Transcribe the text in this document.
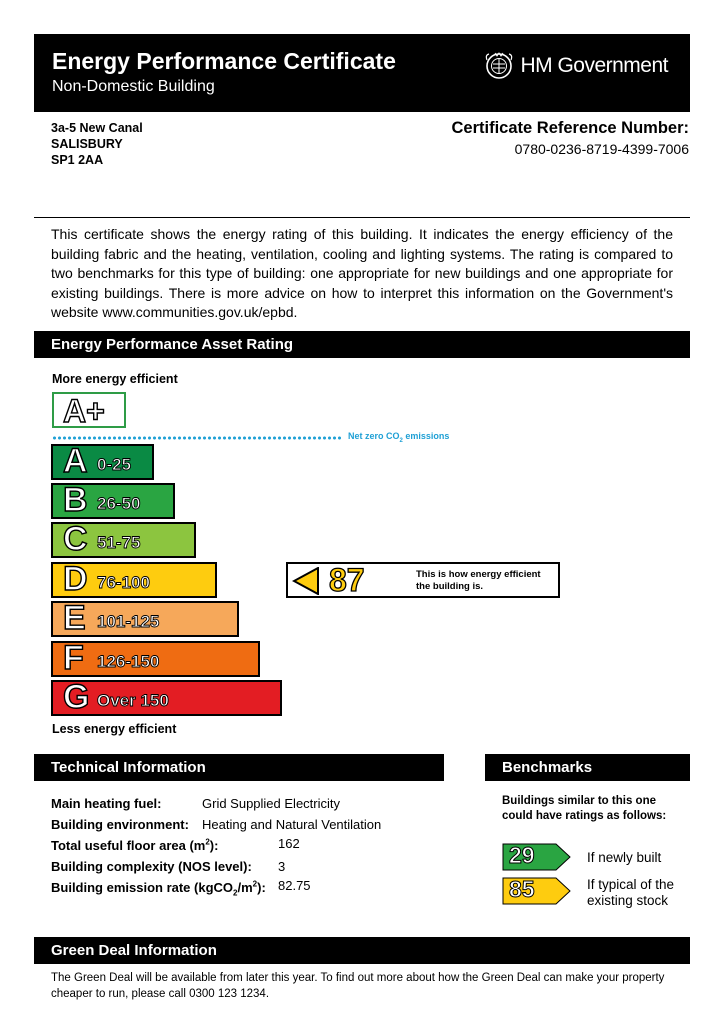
Energy Performance Certificate
Non-Domestic Building
HM Government
3a-5 New Canal
SALISBURY
SP1 2AA
Certificate Reference Number:
0780-0236-8719-4399-7006
This certificate shows the energy rating of this building. It indicates the energy efficiency of the building fabric and the heating, ventilation, cooling and lighting systems. The rating is compared to two benchmarks for this type of building: one appropriate for new buildings and one appropriate for existing buildings. There is more advice on how to interpret this information on the Government's website www.communities.gov.uk/epbd.
Energy Performance Asset Rating
More energy efficient
A+
Net zero $CO_2$ emissions
A 0-25
B 26-50
C 51-75
D 76-100
E 101-125
F 126-150
G Over 150
87	This is how energy efficient
the building is.
Less energy efficient
Technical Information
Main heating fuel:	Grid Supplied Electricity
Building environment: Heating and Natural Ventilation
Total useful floor area $(m^2)$:	162
Building complexity (NOS level): 3
Building emission rate $(kgCO_2/m^2)$: 82.75
Benchmarks
Buildings similar to this one could have ratings as follows:
29	If newly built
85	If typical of the existing stock
Green Deal Information
The Green Deal will be available from later this year. To find out more about how the Green Deal can make your property cheaper to run, please call 0300 123 1234.
